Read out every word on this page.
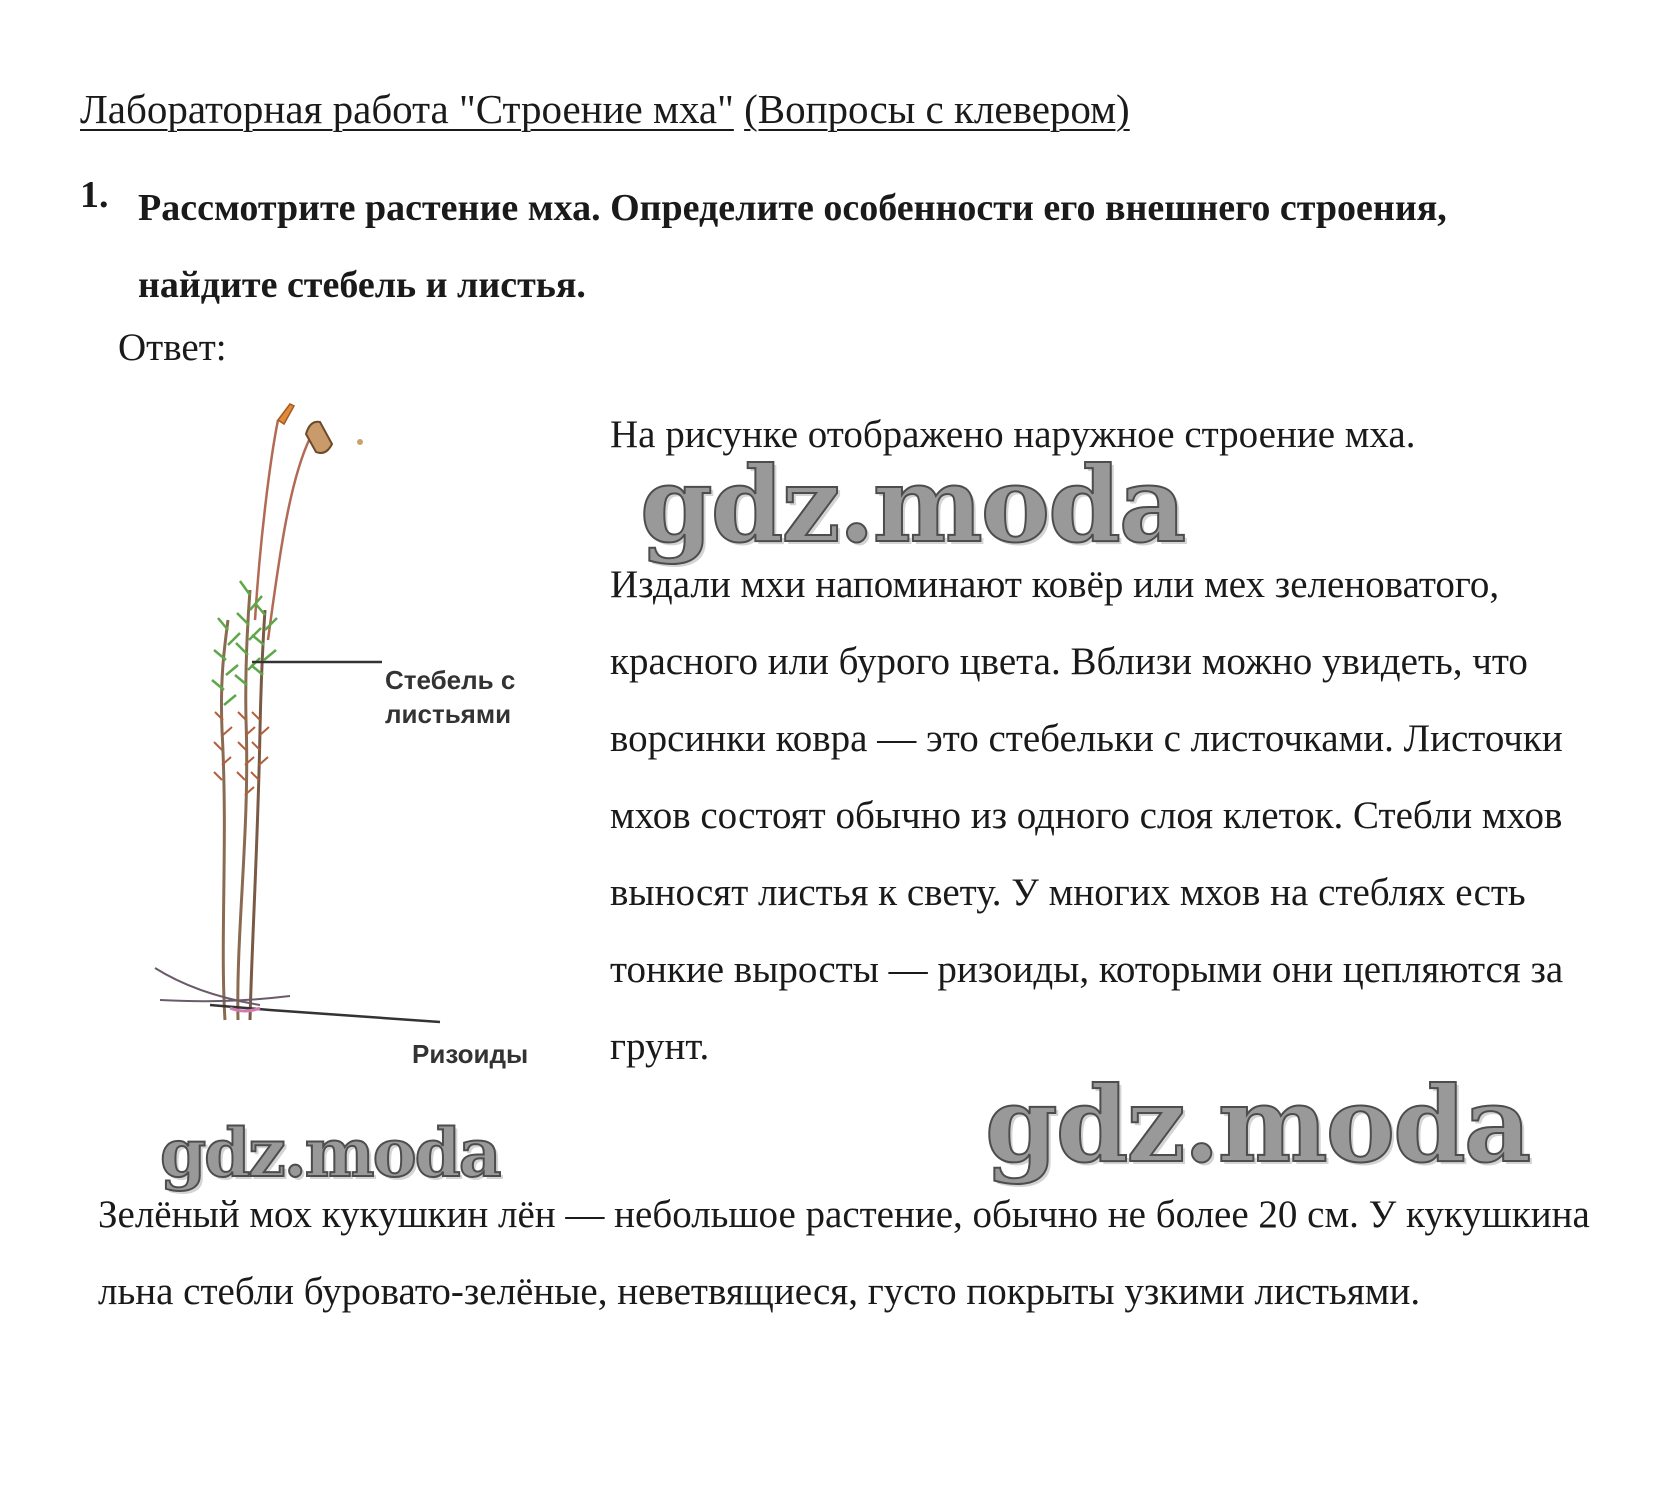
Лабораторная работа "Строение мха" (Вопросы с клевером)
1. Рассмотрите растение мха. Определите особенности его внешнего строения, найдите стебель и листья.

Ответ:

На рисунке отображено наружное строение мха.

Издали мхи напоминают ковёр или мех зеленоватого, красного или бурого цвета. Вблизи можно увидеть, что ворсинки ковра — это стебельки с листочками. Листочки мхов состоят обычно из одного слоя клеток. Стебли мхов выносят листья к свету. У многих мхов на стеблях есть тонкие выросты — ризоиды, которыми они цепляются за грунт.

Зелёный мох кукушкин лён — небольшое растение, обычно не более 20 см. У кукушкина льна стебли буровато-зелёные, неветвящиеся, густо покрыты узкими листьями.

Стебель с листьями
Ризоиды
gdz.moda
gdz.moda
gdz.moda
